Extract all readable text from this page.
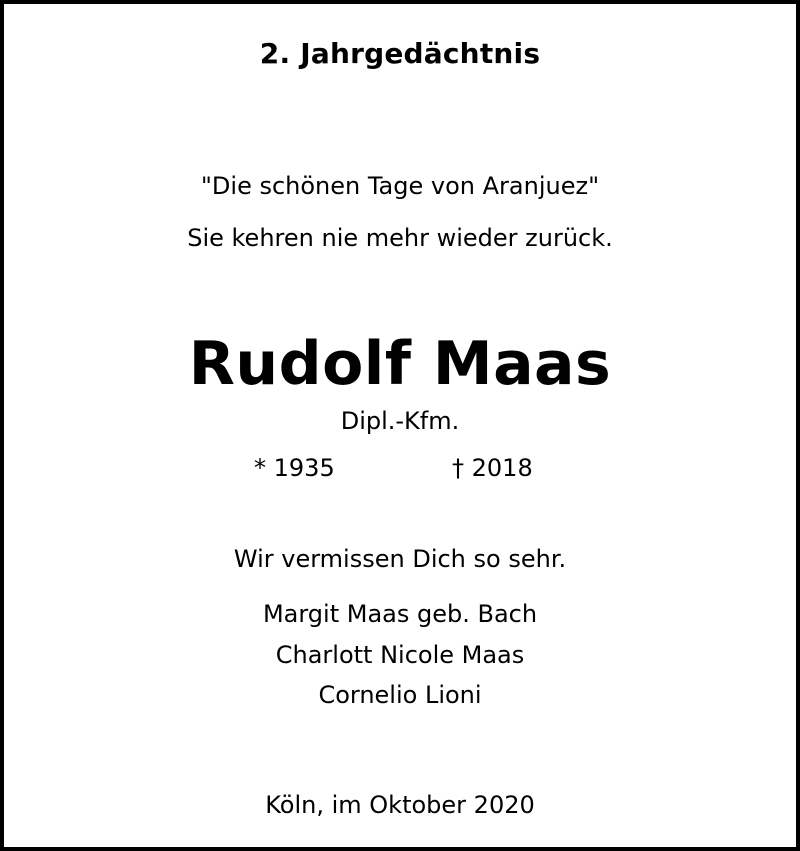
2. Jahrgedächtnis
"Die schönen Tage von Aranjuez"
Sie kehren nie mehr wieder zurück.
Rudolf Maas
Dipl.-Kfm.
* 1935	† 2018
Wir vermissen Dich so sehr.
Margit Maas geb. Bach
Charlott Nicole Maas
Cornelio Lioni
Köln, im Oktober 2020
